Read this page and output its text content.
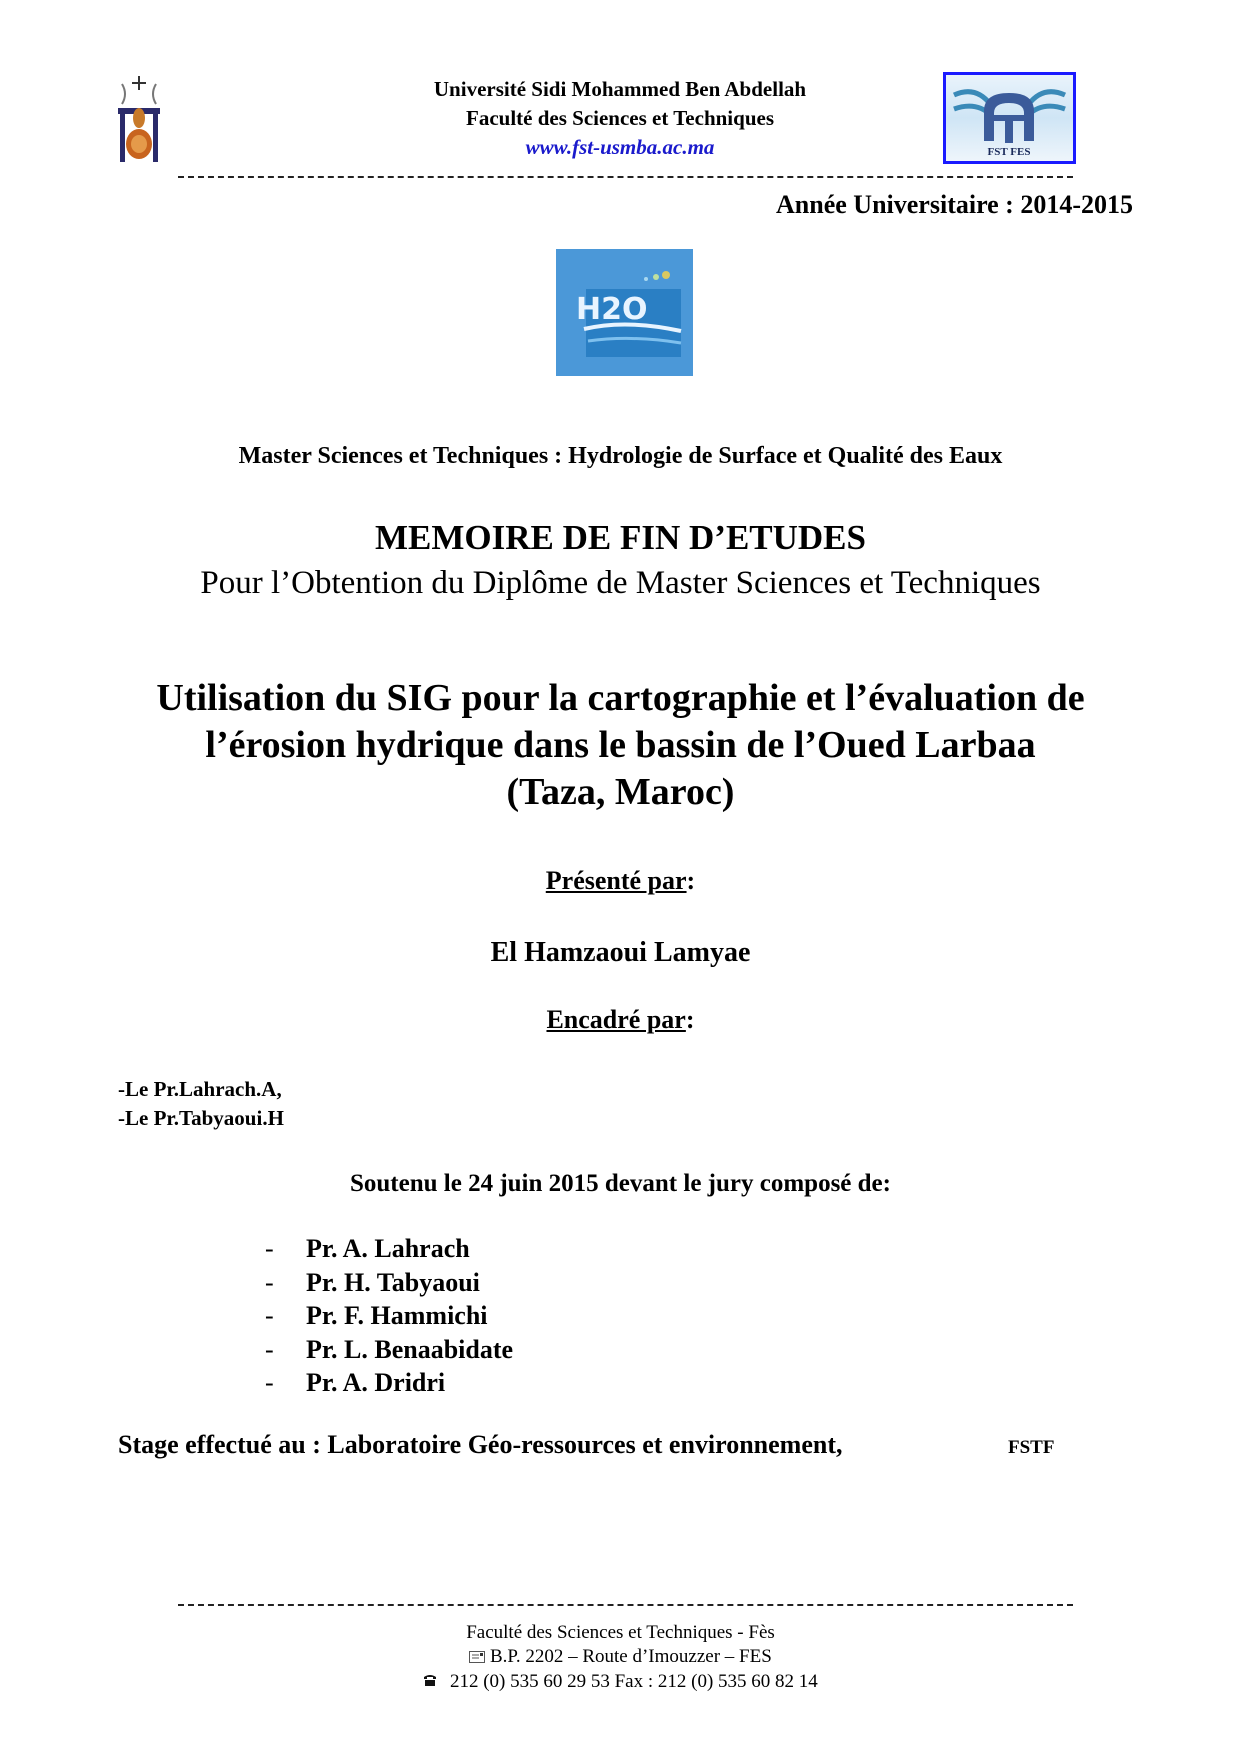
Université Sidi Mohammed Ben Abdellah
Faculté des Sciences et Techniques
www.fst-usmba.ac.ma	FST FES
Année Universitaire : 2014-2015
H2O
Master Sciences et Techniques : Hydrologie de Surface et Qualité des Eaux
MEMOIRE DE FIN D’ETUDES
Pour l’Obtention du Diplôme de Master Sciences et Techniques
Utilisation du SIG pour la cartographie et l’évaluation de
l’érosion hydrique dans le bassin de l’Oued Larbaa
(Taza, Maroc)
Présenté par:
El Hamzaoui Lamyae
Encadré par:
-Le Pr.Lahrach.A,
-Le Pr.Tabyaoui.H
Soutenu le 24 juin 2015 devant le jury composé de:
- Pr. A. Lahrach
- Pr. H. Tabyaoui
- Pr. F. Hammichi
- Pr. L. Benaabidate
- Pr. A. Dridri
Stage effectué au : Laboratoire Géo-ressources et environnement,	FSTF
Faculté des Sciences et Techniques - Fès
B.P. 2202 – Route d’Imouzzer – FES
212 (0) 535 60 29 53 Fax : 212 (0) 535 60 82 14
